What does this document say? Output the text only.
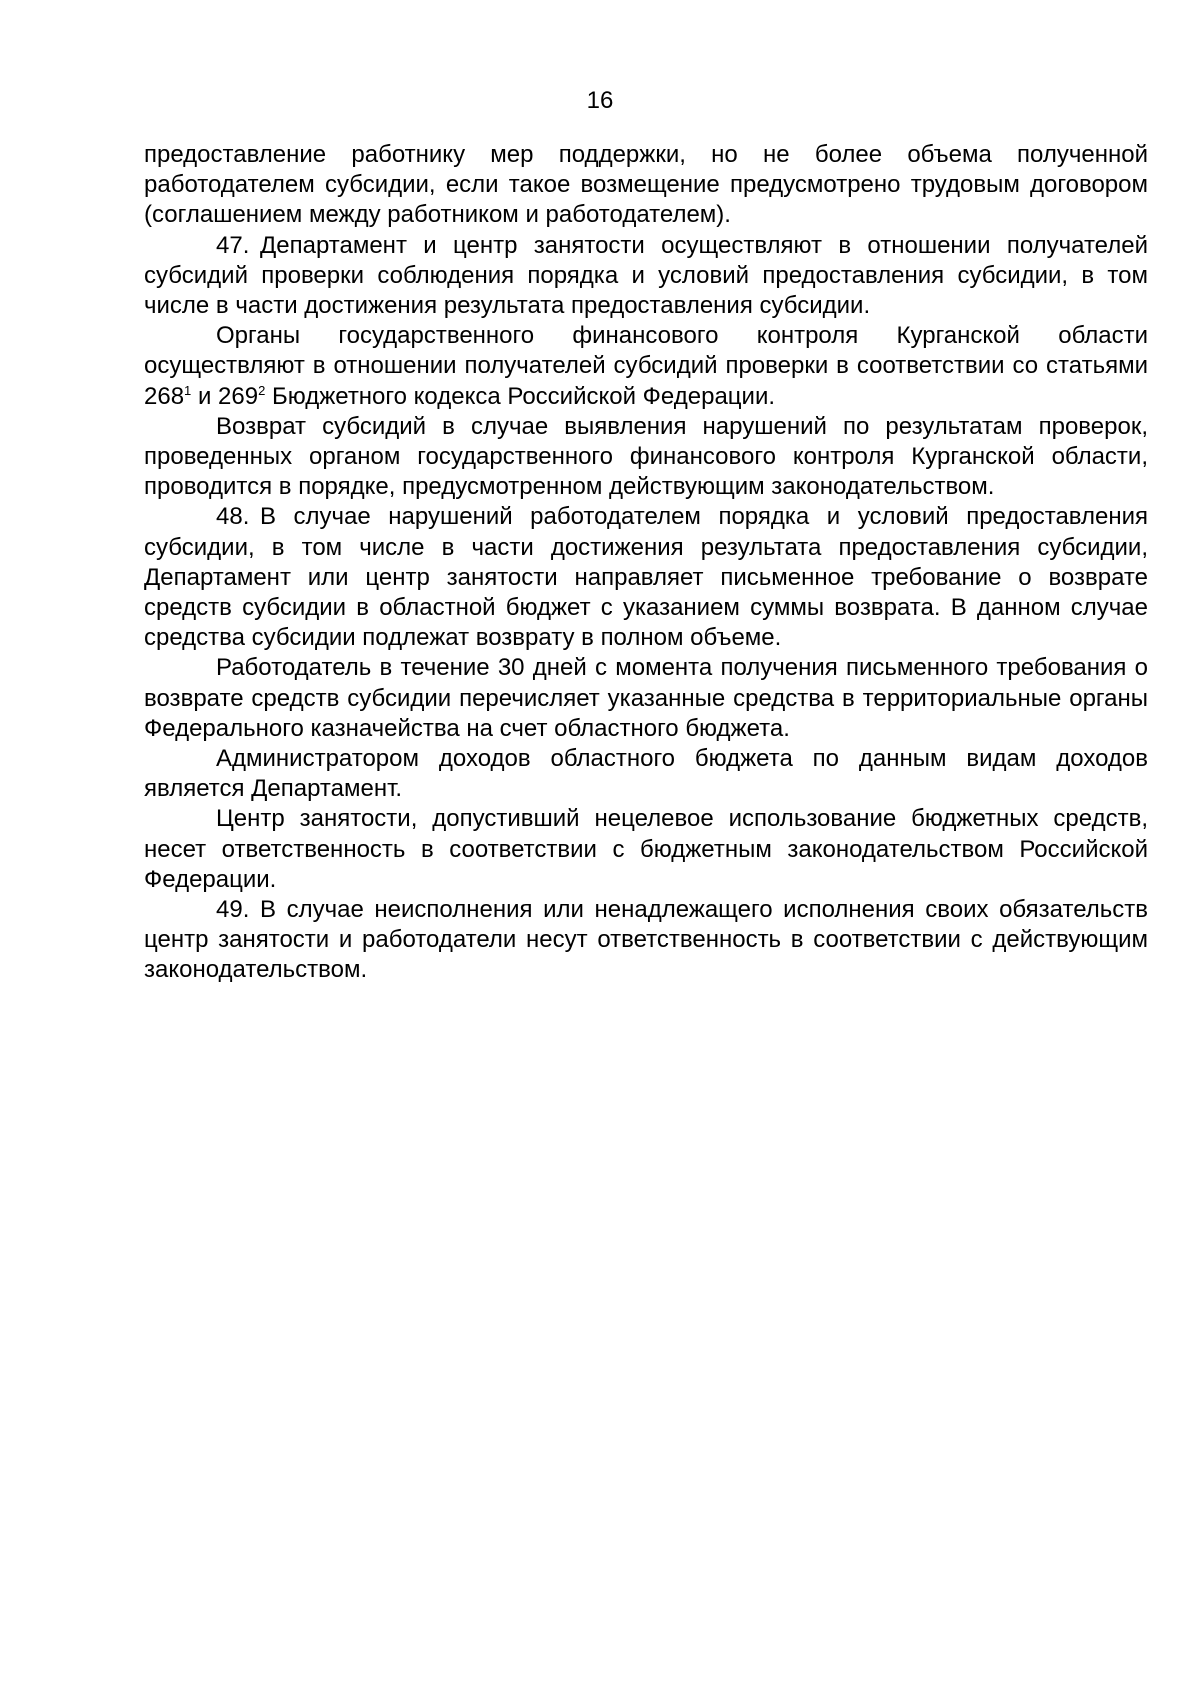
16

предоставление работнику мер поддержки, но не более объема полученной работодателем субсидии, если такое возмещение предусмотрено трудовым договором (соглашением между работником и работодателем).

47. Департамент и центр занятости осуществляют в отношении получателей субсидий проверки соблюдения порядка и условий предоставления субсидии, в том числе в части достижения результата предоставления субсидии.

Органы государственного финансового контроля Курганской области осуществляют в отношении получателей субсидий проверки в соответствии со статьями $268^1$ и $269^2$ Бюджетного кодекса Российской Федерации.

Возврат субсидий в случае выявления нарушений по результатам проверок, проведенных органом государственного финансового контроля Курганской области, проводится в порядке, предусмотренном действующим законодательством.

48. В случае нарушений работодателем порядка и условий предоставления субсидии, в том числе в части достижения результата предоставления субсидии, Департамент или центр занятости направляет письменное требование о возврате средств субсидии в областной бюджет с указанием суммы возврата. В данном случае средства субсидии подлежат возврату в полном объеме.

Работодатель в течение 30 дней с момента получения письменного требования о возврате средств субсидии перечисляет указанные средства в территориальные органы Федерального казначейства на счет областного бюджета.

Администратором доходов областного бюджета по данным видам доходов является Департамент.

Центр занятости, допустивший нецелевое использование бюджетных средств, несет ответственность в соответствии с бюджетным законодательством Российской Федерации.

49. В случае неисполнения или ненадлежащего исполнения своих обязательств центр занятости и работодатели несут ответственность в соответствии с действующим законодательством.
